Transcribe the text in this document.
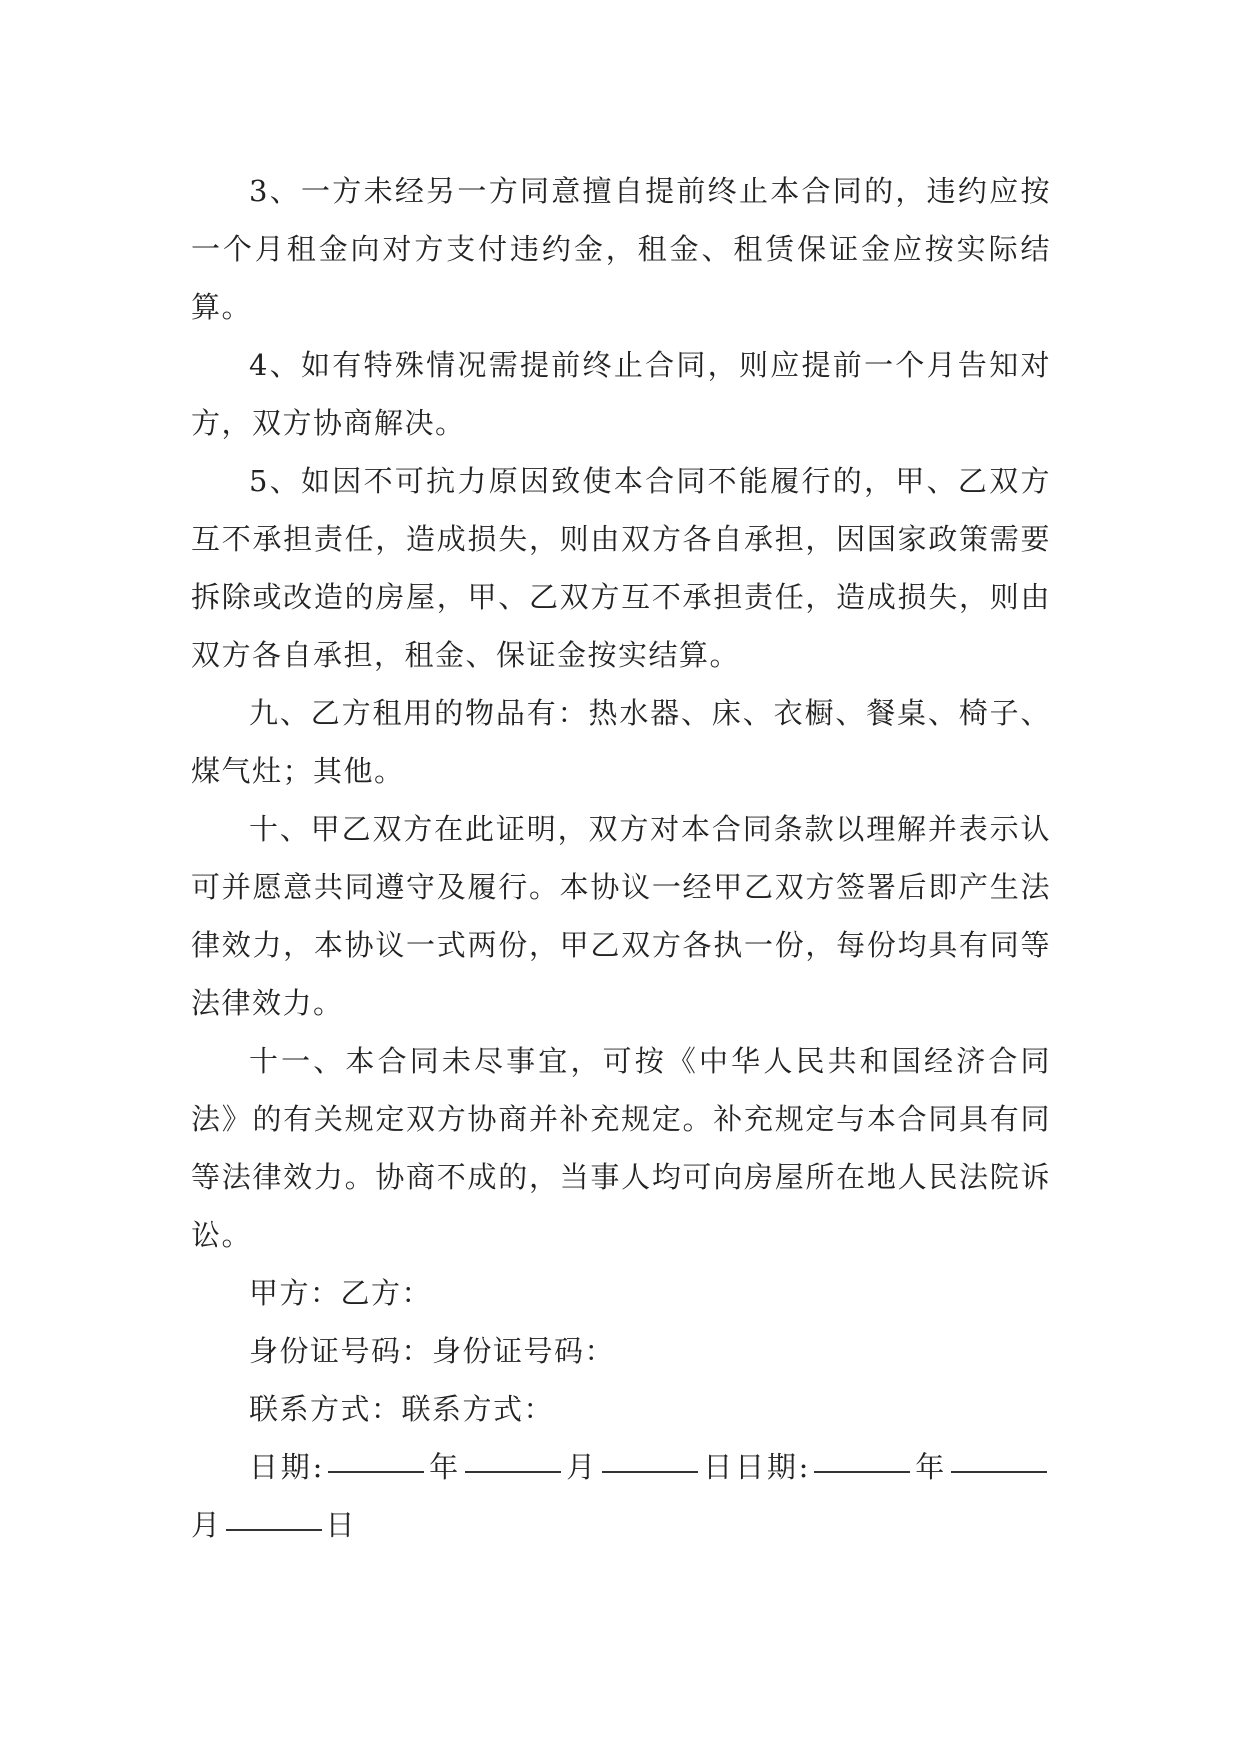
3、一方未经另一方同意擅自提前终止本合同的，违约应按一个月租金向对方支付违约金，租金、租赁保证金应按实际结算。

4、如有特殊情况需提前终止合同，则应提前一个月告知对方，双方协商解决。

5、如因不可抗力原因致使本合同不能履行的，甲、乙双方互不承担责任，造成损失，则由双方各自承担，因国家政策需要拆除或改造的房屋，甲、乙双方互不承担责任，造成损失，则由双方各自承担，租金、保证金按实结算。

九、乙方租用的物品有：热水器、床、衣橱、餐桌、椅子、煤气灶；其他。

十、甲乙双方在此证明，双方对本合同条款以理解并表示认可并愿意共同遵守及履行。本协议一经甲乙双方签署后即产生法律效力，本协议一式两份，甲乙双方各执一份，每份均具有同等法律效力。

十一、本合同未尽事宜，可按《中华人民共和国经济合同法》的有关规定双方协商并补充规定。补充规定与本合同具有同等法律效力。协商不成的，当事人均可向房屋所在地人民法院诉讼。

甲方：乙方：

身份证号码：身份证号码：

联系方式：联系方式：

日期:	年	月	日日期:	年月	日
